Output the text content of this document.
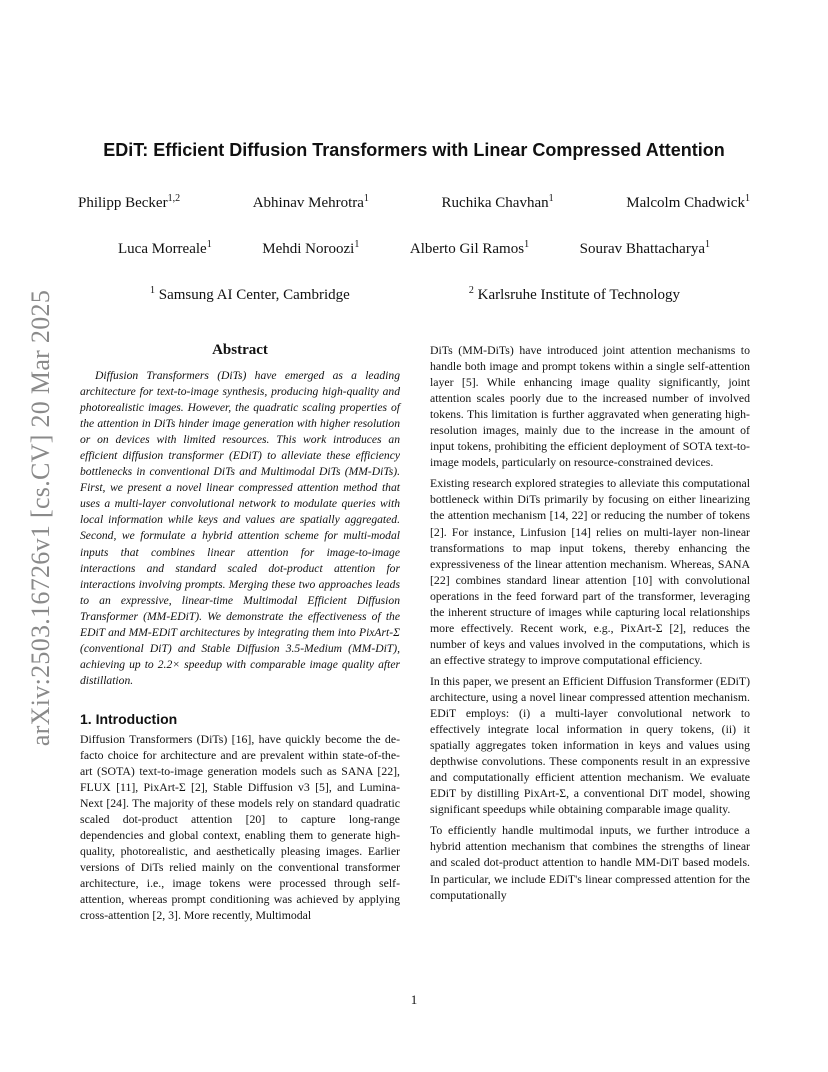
arXiv:2503.16726v1 [cs.CV] 20 Mar 2025
EDiT: Efficient Diffusion Transformers with Linear Compressed Attention
Philipp Becker$^{1,2}$	Abhinav Mehrotra$^1$	Ruchika Chavhan$^1$	Malcolm Chadwick$^1$
Luca Morreale$^1$	Mehdi Noroozi$^1$	Alberto Gil Ramos$^1$	Sourav Bhattacharya$^1$
$^1$ Samsung AI Center, Cambridge	$^2$ Karlsruhe Institute of Technology
Abstract

Diffusion Transformers (DiTs) have emerged as a leading architecture for text-to-image synthesis, producing high-quality and photorealistic images. However, the quadratic scaling properties of the attention in DiTs hinder image generation with higher resolution or on devices with limited resources. This work introduces an efficient diffusion transformer (EDiT) to alleviate these efficiency bottlenecks in conventional DiTs and Multimodal DiTs (MM-DiTs). First, we present a novel linear compressed attention method that uses a multi-layer convolutional network to modulate queries with local information while keys and values are spatially aggregated. Second, we formulate a hybrid attention scheme for multi-modal inputs that combines linear attention for image-to-image interactions and standard scaled dot-product attention for interactions involving prompts. Merging these two approaches leads to an expressive, linear-time Multimodal Efficient Diffusion Transformer (MM-EDiT). We demonstrate the effectiveness of the EDiT and MM-EDiT architectures by integrating them into PixArt-Σ (conventional DiT) and Stable Diffusion 3.5-Medium (MM-DiT), achieving up to 2.2× speedup with comparable image quality after distillation.

1. Introduction

Diffusion Transformers (DiTs) [16], have quickly become the de-facto choice for architecture and are prevalent within state-of-the-art (SOTA) text-to-image generation models such as SANA [22], FLUX [11], PixArt-Σ [2], Stable Diffusion v3 [5], and Lumina-Next [24]. The majority of these models rely on standard quadratic scaled dot-product attention [20] to capture long-range dependencies and global context, enabling them to generate high-quality, photorealistic, and aesthetically pleasing images. Earlier versions of DiTs relied mainly on the conventional transformer architecture, i.e., image tokens were processed through self-attention, whereas prompt conditioning was achieved by applying cross-attention [2, 3]. More recently, Multimodal

DiTs (MM-DiTs) have introduced joint attention mechanisms to handle both image and prompt tokens within a single self-attention layer [5]. While enhancing image quality significantly, joint attention scales poorly due to the increased number of involved tokens. This limitation is further aggravated when generating high-resolution images, mainly due to the increase in the amount of input tokens, prohibiting the efficient deployment of SOTA text-to-image models, particularly on resource-constrained devices.

Existing research explored strategies to alleviate this computational bottleneck within DiTs primarily by focusing on either linearizing the attention mechanism [14, 22] or reducing the number of tokens [2]. For instance, Linfusion [14] relies on multi-layer non-linear transformations to map input tokens, thereby enhancing the expressiveness of the linear attention mechanism. Whereas, SANA [22] combines standard linear attention [10] with convolutional operations in the feed forward part of the transformer, leveraging the inherent structure of images while capturing local relationships more effectively. Recent work, e.g., PixArt-Σ [2], reduces the number of keys and values involved in the computations, which is an effective strategy to improve computational efficiency.

In this paper, we present an Efficient Diffusion Transformer (EDiT) architecture, using a novel linear compressed attention mechanism. EDiT employs: (i) a multi-layer convolutional network to effectively integrate local information in query tokens, (ii) it spatially aggregates token information in keys and values using depthwise convolutions. These components result in an expressive and computationally efficient attention mechanism. We evaluate EDiT by distilling PixArt-Σ, a conventional DiT model, showing significant speedups while obtaining comparable image quality.

To efficiently handle multimodal inputs, we further introduce a hybrid attention mechanism that combines the strengths of linear and scaled dot-product attention to handle MM-DiT based models. In particular, we include EDiT's linear compressed attention for the computationally

1
